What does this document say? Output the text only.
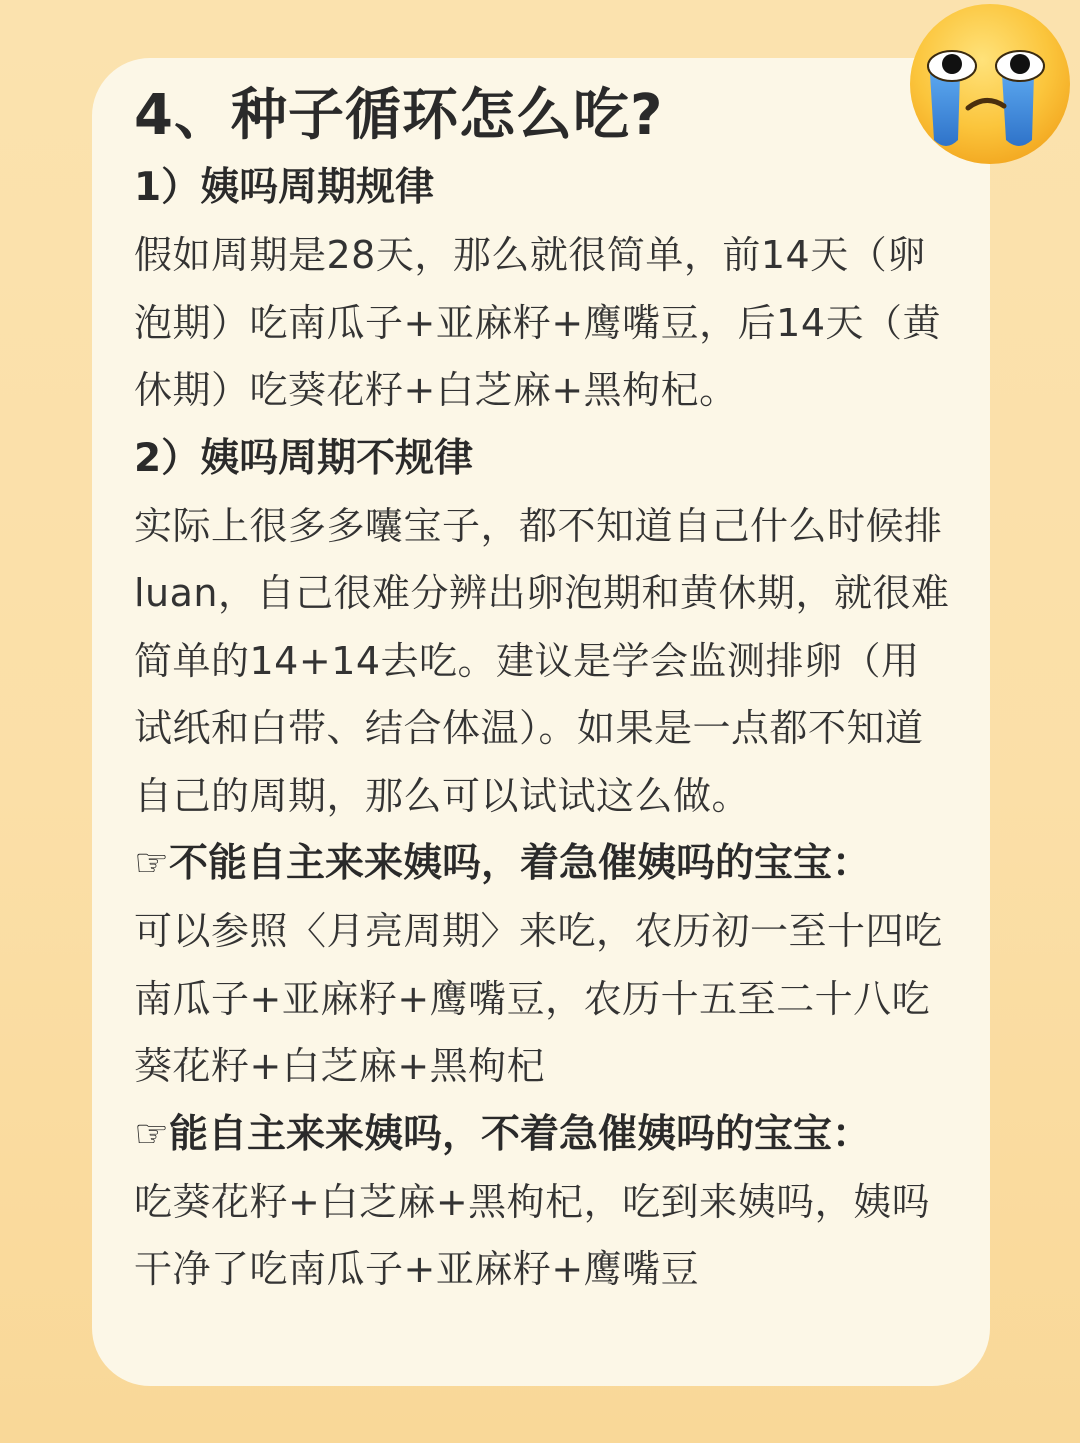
4、种子循环怎么吃?
1）姨吗周期规律
假如周期是28天，那么就很简单，前14天（卵泡期）吃南瓜子+亚麻籽+鹰嘴豆，后14天（黄休期）吃葵花籽+白芝麻+黑枸杞。
2）姨吗周期不规律
实际上很多多囔宝子，都不知道自己什么时候排luan，自己很难分辨出卵泡期和黄休期，就很难简单的14+14去吃。建议是学会监测排卵（用试纸和白带、结合体温）。如果是一点都不知道自己的周期，那么可以试试这么做。
☞不能自主来来姨吗，着急催姨吗的宝宝：
可以参照〈月亮周期〉来吃，农历初一至十四吃南瓜子+亚麻籽+鹰嘴豆，农历十五至二十八吃葵花籽+白芝麻+黑枸杞
☞能自主来来姨吗，不着急催姨吗的宝宝：
吃葵花籽+白芝麻+黑枸杞，吃到来姨吗，姨吗干净了吃南瓜子+亚麻籽+鹰嘴豆
